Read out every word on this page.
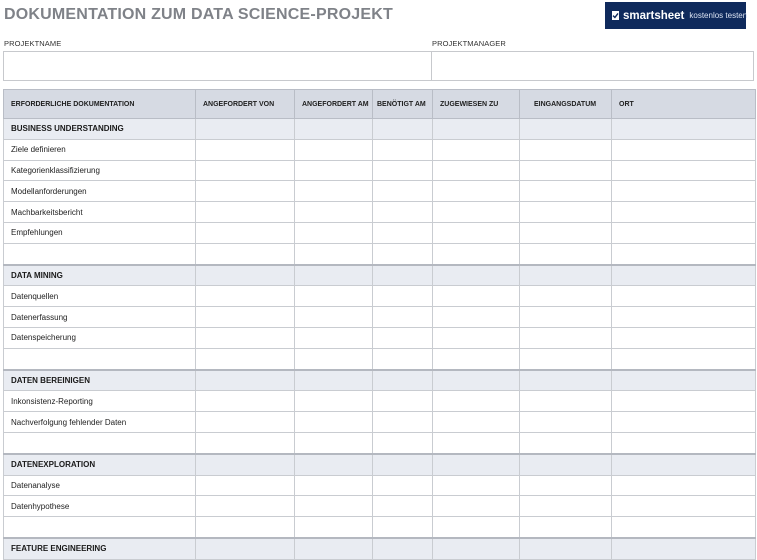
DOKUMENTATION ZUM DATA SCIENCE-PROJEKT	smartsheet kostenlos testen
PROJEKTNAME	PROJEKTMANAGER
ERFORDERLICHE DOKUMENTATION	ANGEFORDERT VON	ANGEFORDERT AM	BENÖTIGT AM	ZUGEWIESEN ZU	EINGANGSDATUM	ORT
BUSINESS UNDERSTANDING						
Ziele definieren						
Kategorienklassifizierung						
Modellanforderungen						
Machbarkeitsbericht						
Empfehlungen						

DATA MINING						
Datenquellen						
Datenerfassung						
Datenspeicherung						

DATEN BEREINIGEN						
Inkonsistenz-Reporting						
Nachverfolgung fehlender Daten						

DATENEXPLORATION						
Datenanalyse						
Datenhypothese						

FEATURE ENGINEERING						
